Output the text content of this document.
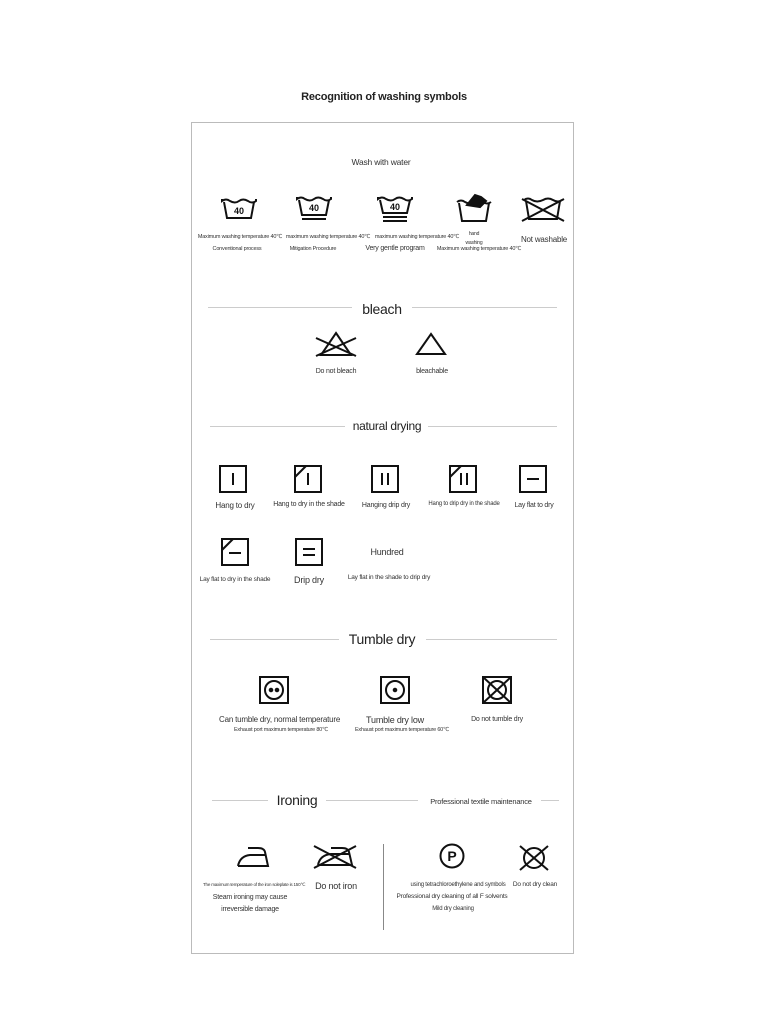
Recognition of washing symbols
Wash with water
40	40	40
Maximum washing temperature 40℃
Conventional process
maximum washing temperature 40℃
Mitigation Procedure
maximum washing temperature 40℃
Very gentle program
hand washing
Maximum washing temperature 40℃
Not washable
bleach
Do not bleach	bleachable
natural drying
Hang to dry	Hang to dry in the shade	Hanging drip dry	Hang to drip dry in the shade	Lay flat to dry
Hundred
Lay flat to dry in the shade	Drip dry	Lay flat in the shade to drip dry
Tumble dry
Can tumble dry, normal temperature
Exhaust port maximum temperature 80℃
Tumble dry low
Exhaust port maximum temperature 60℃
Do not tumble dry
Ironing	Professional textile maintenance
P
The maximum temperature of the iron soleplate is 150℃
Steam ironing may cause
irreversible damage
Do not iron	using tetrachloroethylene and symbols
Professional dry cleaning of all F solvents
Mild dry cleaning
Do not dry clean
